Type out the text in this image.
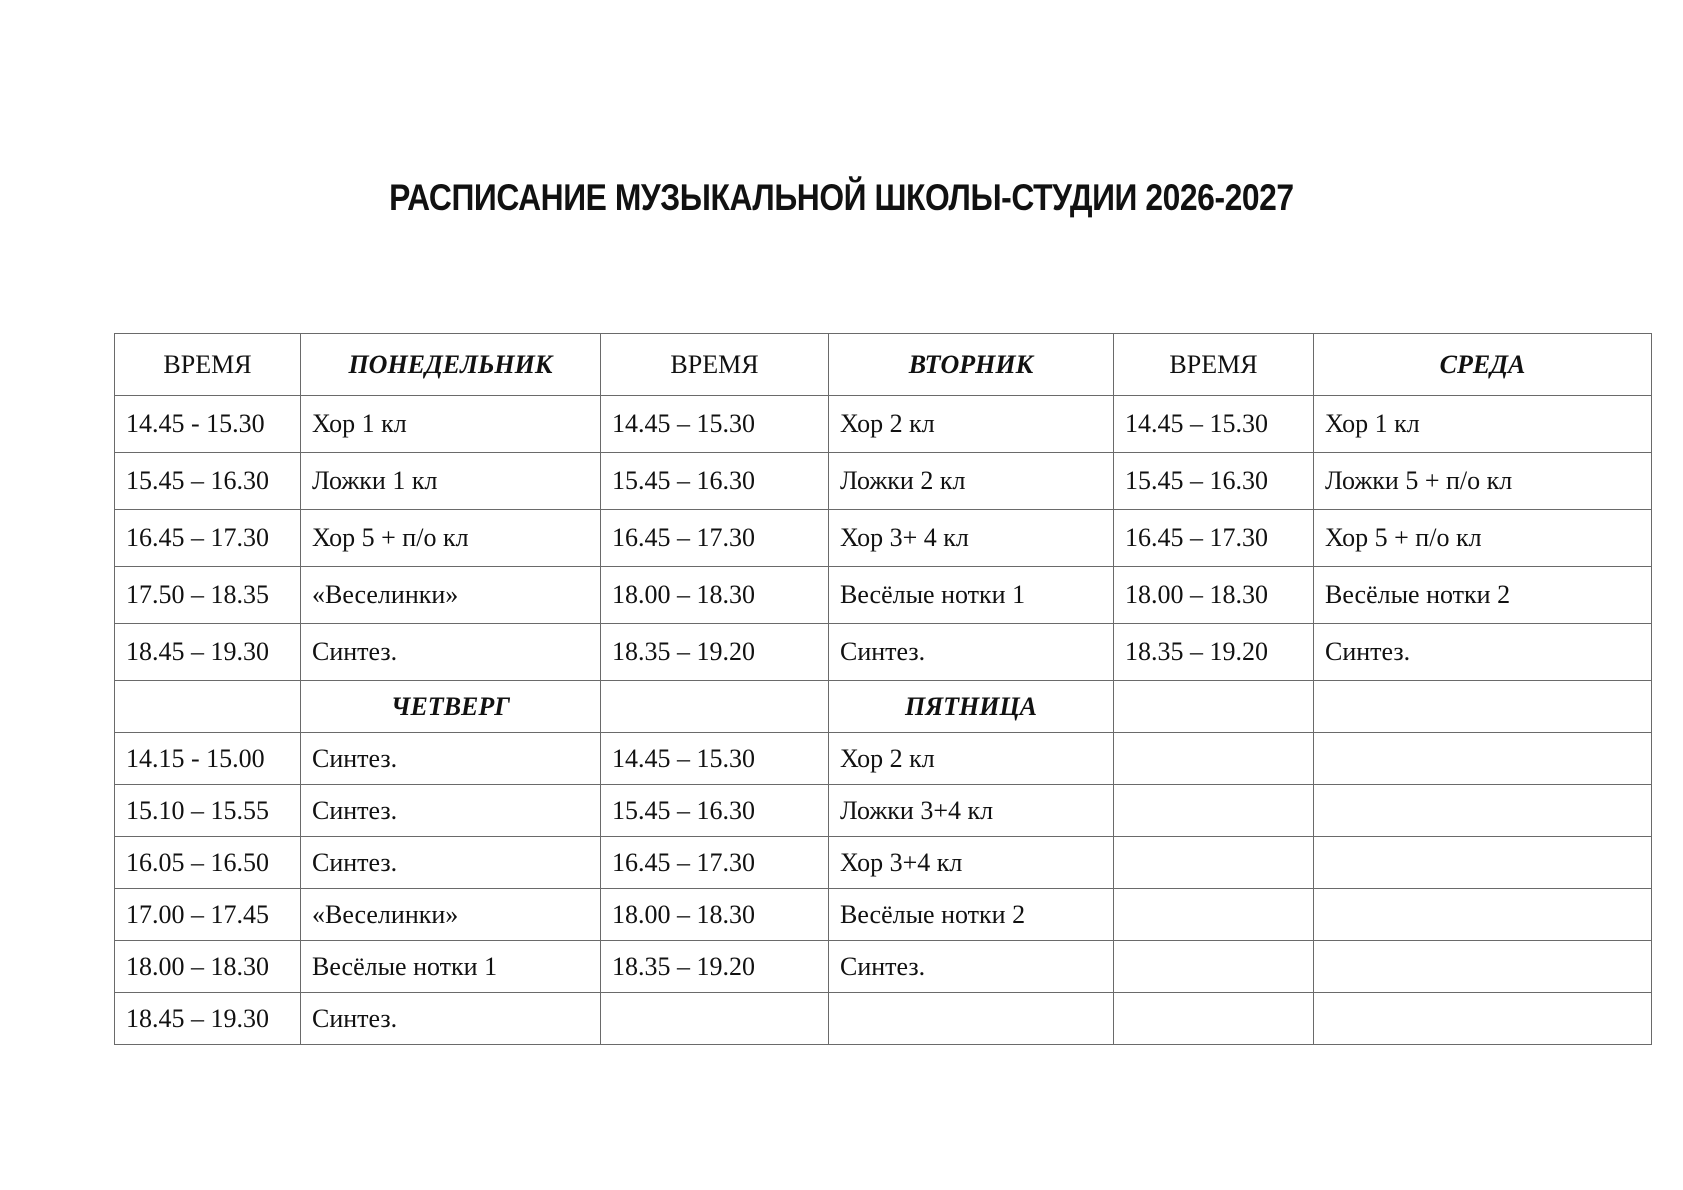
РАСПИСАНИЕ МУЗЫКАЛЬНОЙ ШКОЛЫ-СТУДИИ 2026-2027
ВРЕМЯ	ПОНЕДЕЛЬНИК	ВРЕМЯ	ВТОРНИК	ВРЕМЯ	СРЕДА
14.45 - 15.30	Хор 1 кл	14.45 – 15.30	Хор 2 кл	14.45 – 15.30	Хор 1 кл
15.45 – 16.30	Ложки 1 кл	15.45 – 16.30	Ложки 2 кл	15.45 – 16.30	Ложки 5 + п/о кл
16.45 – 17.30	Хор 5 + п/о кл	16.45 – 17.30	Хор 3+ 4 кл	16.45 – 17.30	Хор 5 + п/о кл
17.50 – 18.35	«Веселинки»	18.00 – 18.30	Весёлые нотки 1	18.00 – 18.30	Весёлые нотки 2
18.45 – 19.30	Синтез.	18.35 – 19.20	Синтез.	18.35 – 19.20	Синтез.
	ЧЕТВЕРГ		ПЯТНИЦА		
14.15 - 15.00	Синтез.	14.45 – 15.30	Хор 2 кл		
15.10 – 15.55	Синтез.	15.45 – 16.30	Ложки 3+4 кл		
16.05 – 16.50	Синтез.	16.45 – 17.30	Хор 3+4 кл		
17.00 – 17.45	«Веселинки»	18.00 – 18.30	Весёлые нотки 2		
18.00 – 18.30	Весёлые нотки 1	18.35 – 19.20	Синтез.		
18.45 – 19.30	Синтез.				
